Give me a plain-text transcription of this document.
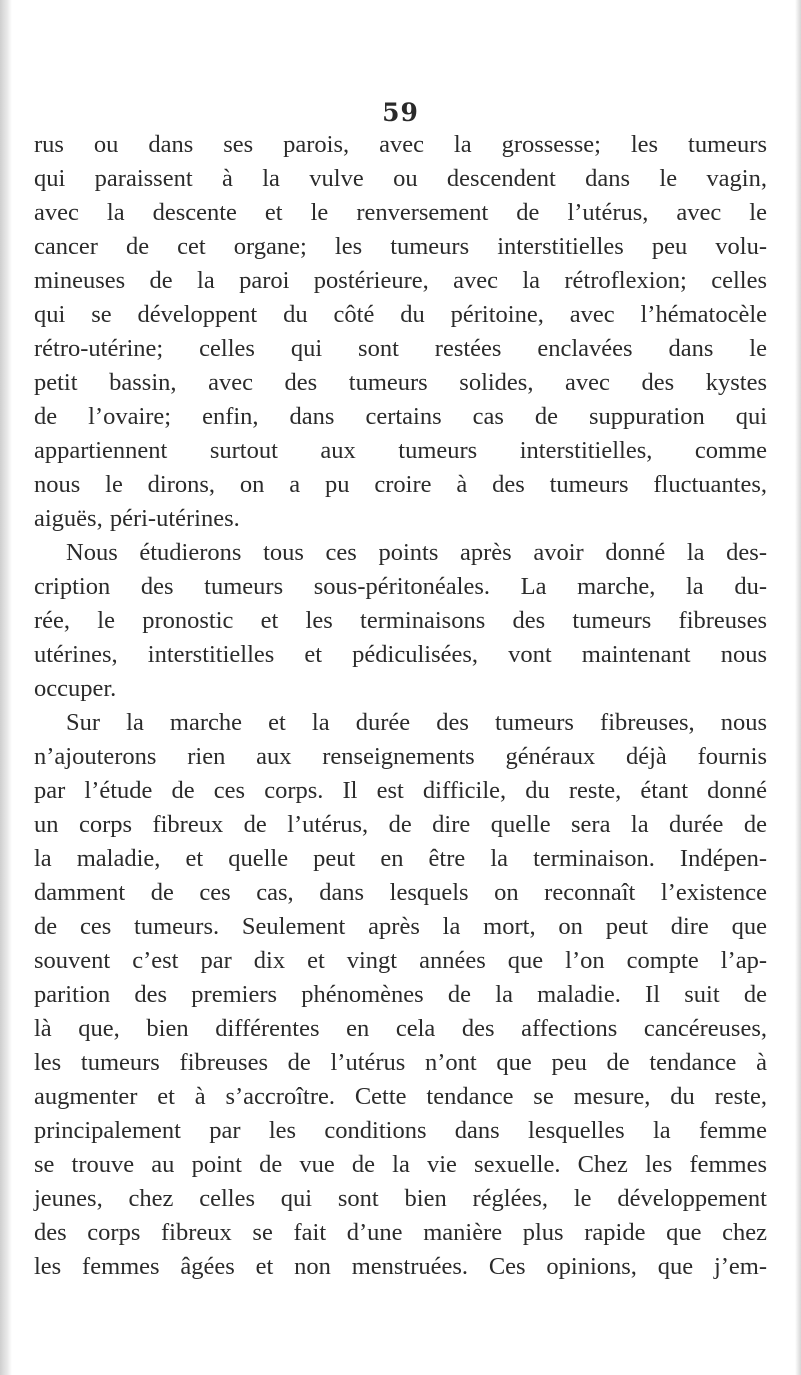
59
rus ou dans ses parois, avec la grossesse; les tumeurs
qui paraissent à la vulve ou descendent dans le vagin,
avec la descente et le renversement de l’utérus, avec le
cancer de cet organe; les tumeurs interstitielles peu volu-
mineuses de la paroi postérieure, avec la rétroflexion; celles
qui se développent du côté du péritoine, avec l’hématocèle
rétro-utérine; celles qui sont restées enclavées dans le
petit bassin, avec des tumeurs solides, avec des kystes
de l’ovaire; enfin, dans certains cas de suppuration qui
appartiennent surtout aux tumeurs interstitielles, comme
nous le dirons, on a pu croire à des tumeurs fluctuantes,
aiguës, péri-utérines.
Nous étudierons tous ces points après avoir donné la des-
cription des tumeurs sous-péritonéales. La marche, la du-
rée, le pronostic et les terminaisons des tumeurs fibreuses
utérines, interstitielles et pédiculisées, vont maintenant nous
occuper.
Sur la marche et la durée des tumeurs fibreuses, nous
n’ajouterons rien aux renseignements généraux déjà fournis
par l’étude de ces corps. Il est difficile, du reste, étant donné
un corps fibreux de l’utérus, de dire quelle sera la durée de
la maladie, et quelle peut en être la terminaison. Indépen-
damment de ces cas, dans lesquels on reconnaît l’existence
de ces tumeurs. Seulement après la mort, on peut dire que
souvent c’est par dix et vingt années que l’on compte l’ap-
parition des premiers phénomènes de la maladie. Il suit de
là que, bien différentes en cela des affections cancéreuses,
les tumeurs fibreuses de l’utérus n’ont que peu de tendance à
augmenter et à s’accroître. Cette tendance se mesure, du reste,
principalement par les conditions dans lesquelles la femme
se trouve au point de vue de la vie sexuelle. Chez les femmes
jeunes, chez celles qui sont bien réglées, le développement
des corps fibreux se fait d’une manière plus rapide que chez
les femmes âgées et non menstruées. Ces opinions, que j’em-
